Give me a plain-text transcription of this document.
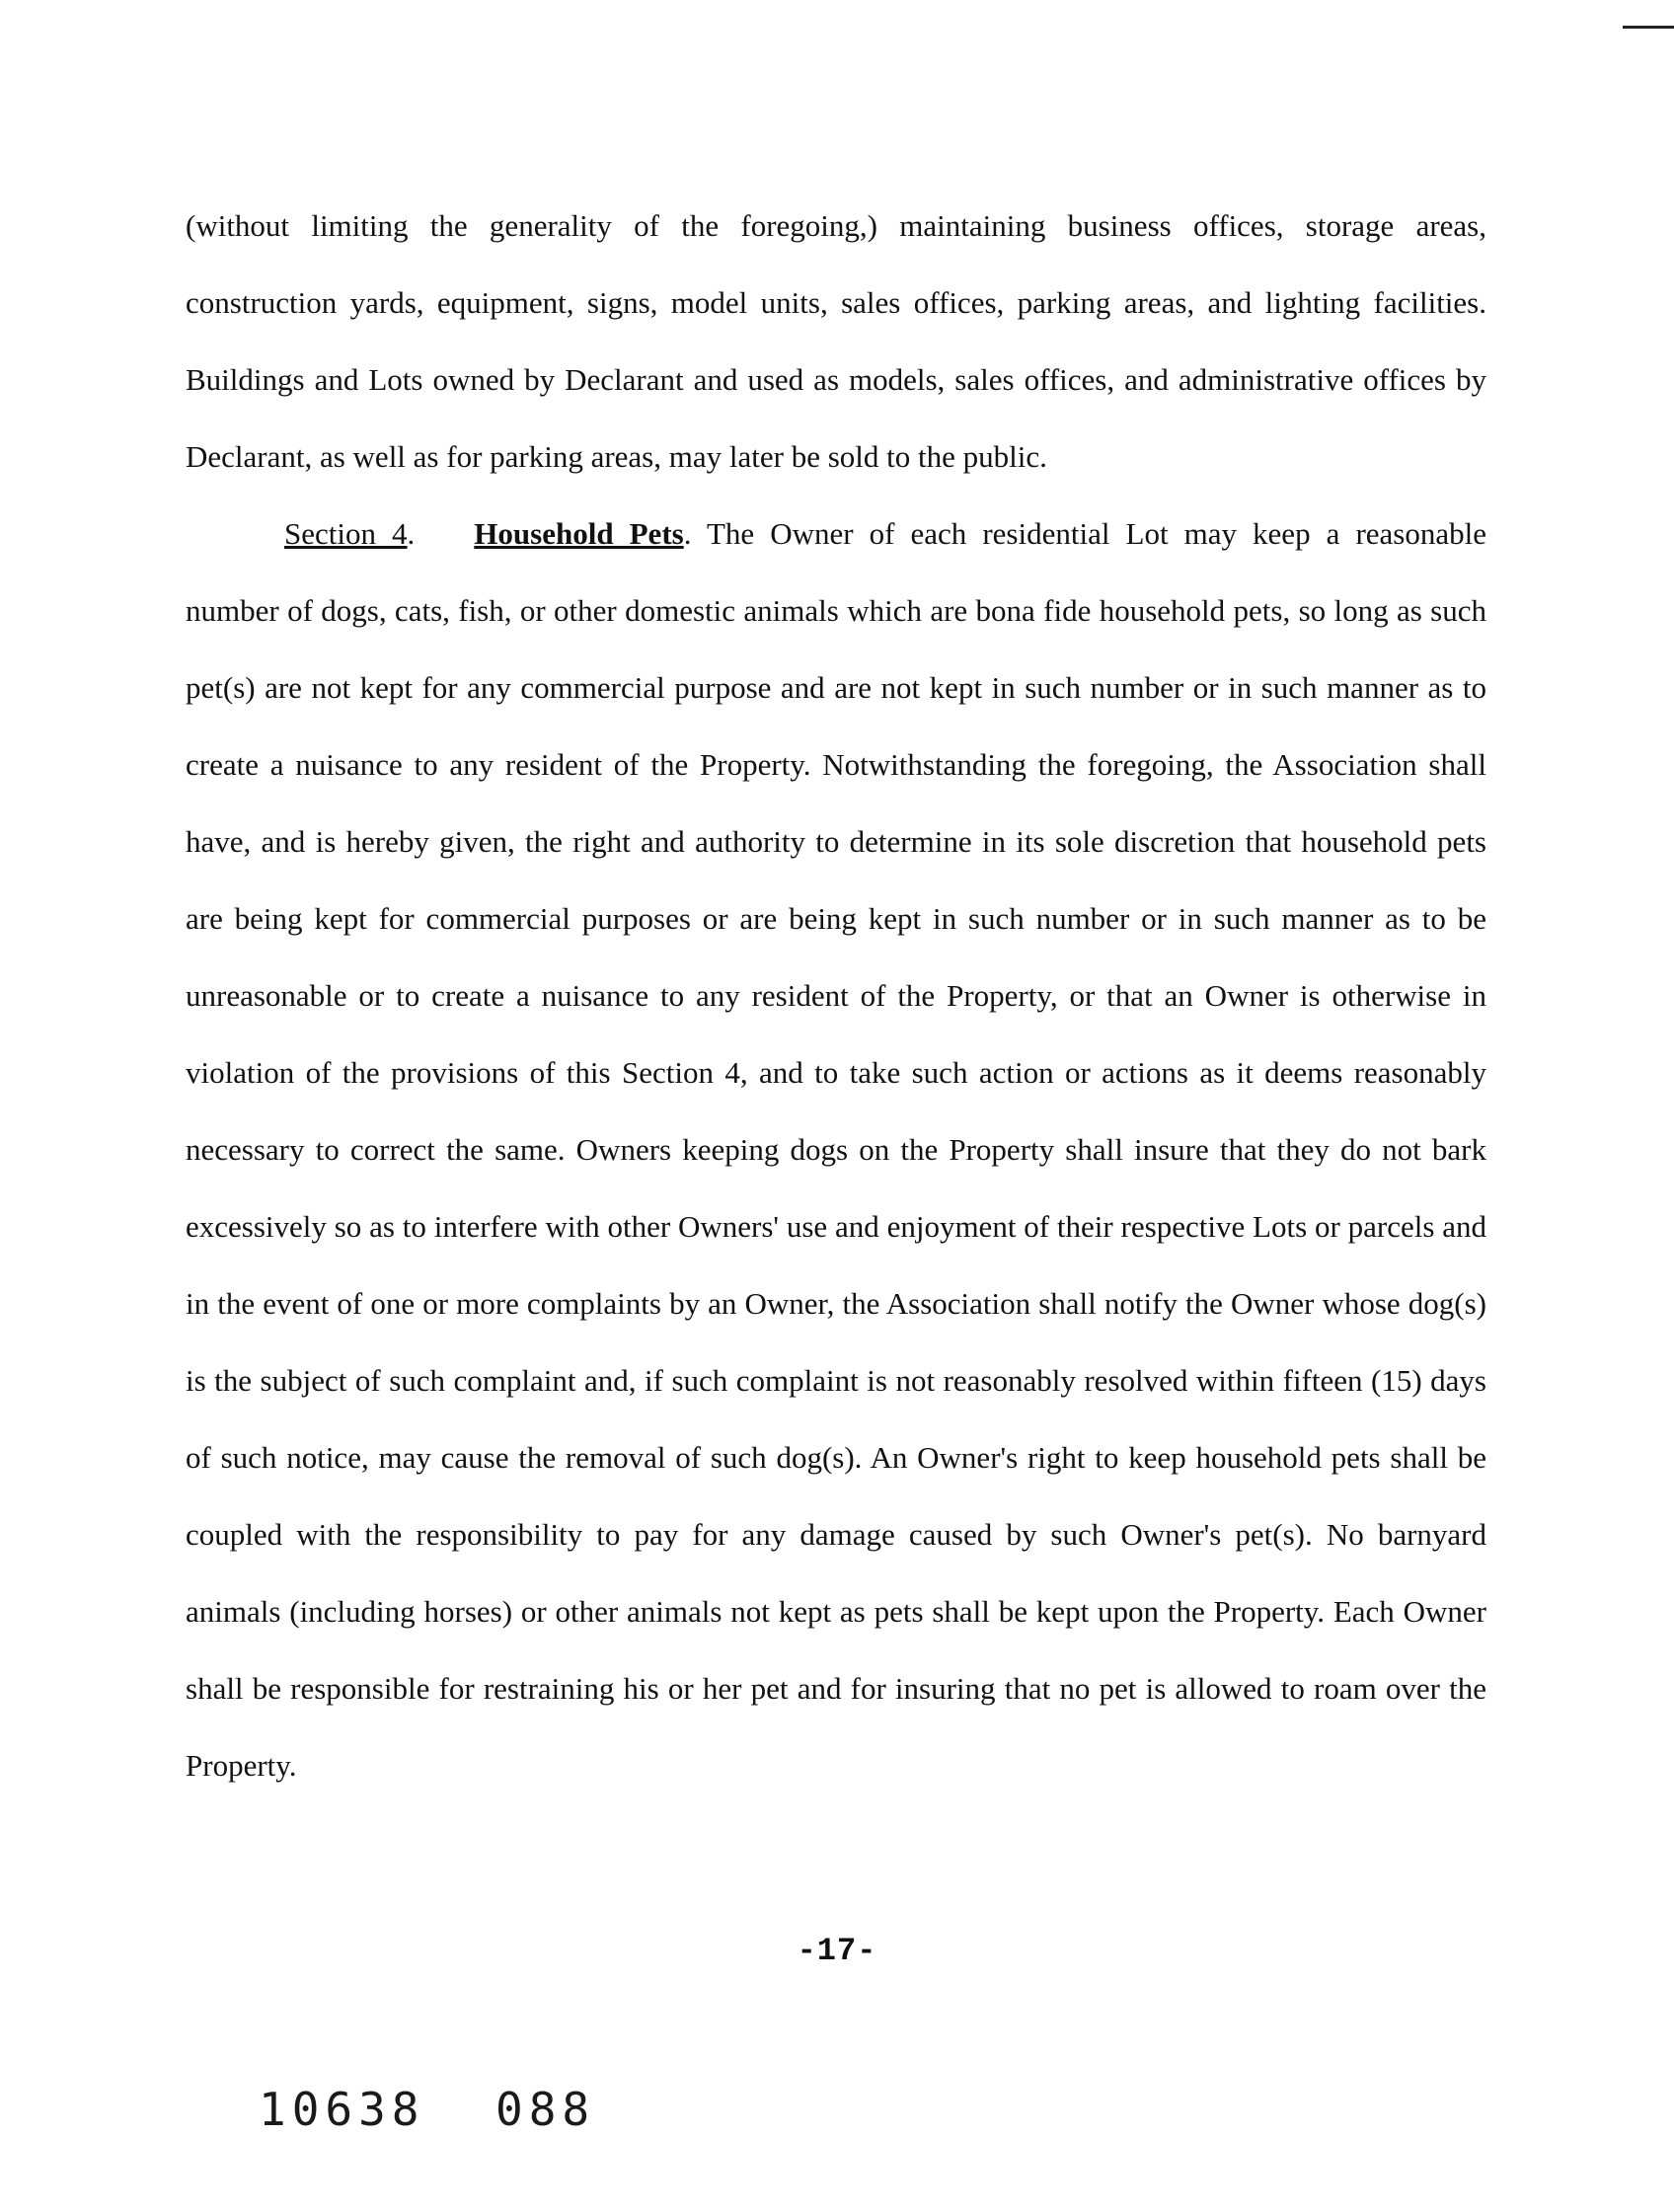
(without limiting the generality of the foregoing,) maintaining business offices, storage areas, construction yards, equipment, signs, model units, sales offices, parking areas, and lighting facilities. Buildings and Lots owned by Declarant and used as models, sales offices, and administrative offices by Declarant, as well as for parking areas, may later be sold to the public.

Section 4. Household Pets. The Owner of each residential Lot may keep a reasonable number of dogs, cats, fish, or other domestic animals which are bona fide household pets, so long as such pet(s) are not kept for any commercial purpose and are not kept in such number or in such manner as to create a nuisance to any resident of the Property. Notwithstanding the foregoing, the Association shall have, and is hereby given, the right and authority to determine in its sole discretion that household pets are being kept for commercial purposes or are being kept in such number or in such manner as to be unreasonable or to create a nuisance to any resident of the Property, or that an Owner is otherwise in violation of the provisions of this Section 4, and to take such action or actions as it deems reasonably necessary to correct the same. Owners keeping dogs on the Property shall insure that they do not bark excessively so as to interfere with other Owners' use and enjoyment of their respective Lots or parcels and in the event of one or more complaints by an Owner, the Association shall notify the Owner whose dog(s) is the subject of such complaint and, if such complaint is not reasonably resolved within fifteen (15) days of such notice, may cause the removal of such dog(s). An Owner's right to keep household pets shall be coupled with the responsibility to pay for any damage caused by such Owner's pet(s). No barnyard animals (including horses) or other animals not kept as pets shall be kept upon the Property. Each Owner shall be responsible for restraining his or her pet and for insuring that no pet is allowed to roam over the Property.

-17-
10638 088
